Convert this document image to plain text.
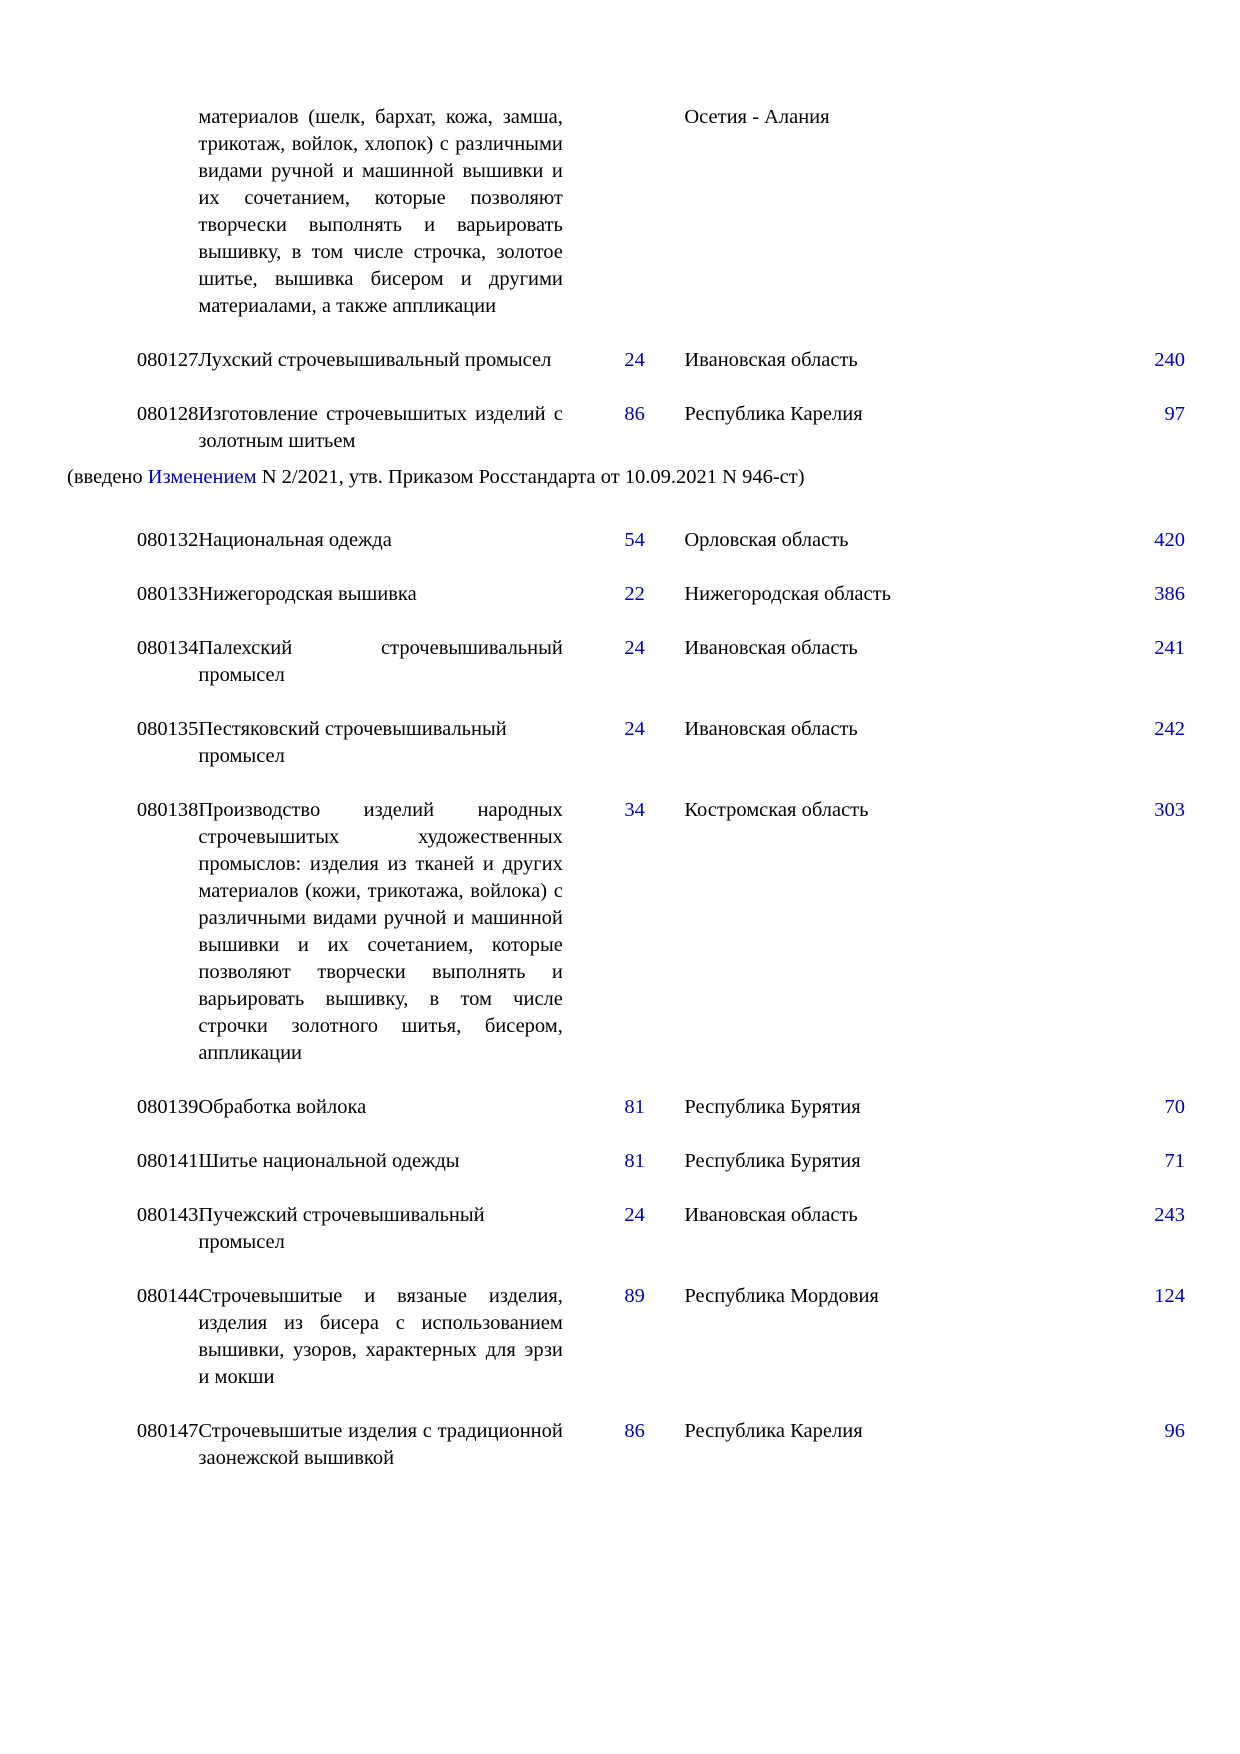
	материалов (шелк, бархат, кожа, замша, трикотаж, войлок, хлопок) с различными видами ручной и машинной вышивки и их сочетанием, которые позволяют творчески выполнять и варьировать вышивку, в том числе строчка, золотое шитье, вышивка бисером и другими материалами, а также аппликации			Осетия - Алания	

080127	Лухский строчевышивальный промысел		24	Ивановская область	240

080128	Изготовление строчевышитых изделий с золотным шитьем		86	Республика Карелия	97

(введено Изменением N 2/2021, утв. Приказом Росстандарта от 10.09.2021 N 946-ст)

080132	Национальная одежда		54	Орловская область	420

080133	Нижегородская вышивка		22	Нижегородская область	386

080134	Палехский строчевышивальный промысел		24	Ивановская область	241

080135	Пестяковский строчевышивальный промысел		24	Ивановская область	242

080138	Производство изделий народных строчевышитых художественных промыслов: изделия из тканей и других материалов (кожи, трикотажа, войлока) с различными видами ручной и машинной вышивки и их сочетанием, которые позволяют творчески выполнять и варьировать вышивку, в том числе строчки золотного шитья, бисером, аппликации		34	Костромская область	303

080139	Обработка войлока		81	Республика Бурятия	70

080141	Шитье национальной одежды		81	Республика Бурятия	71

080143	Пучежский строчевышивальный промысел		24	Ивановская область	243

080144	Строчевышитые и вязаные изделия, изделия из бисера с использованием вышивки, узоров, характерных для эрзи и мокши		89	Республика Мордовия	124

080147	Строчевышитые изделия с традиционной заонежской вышивкой		86	Республика Карелия	96
